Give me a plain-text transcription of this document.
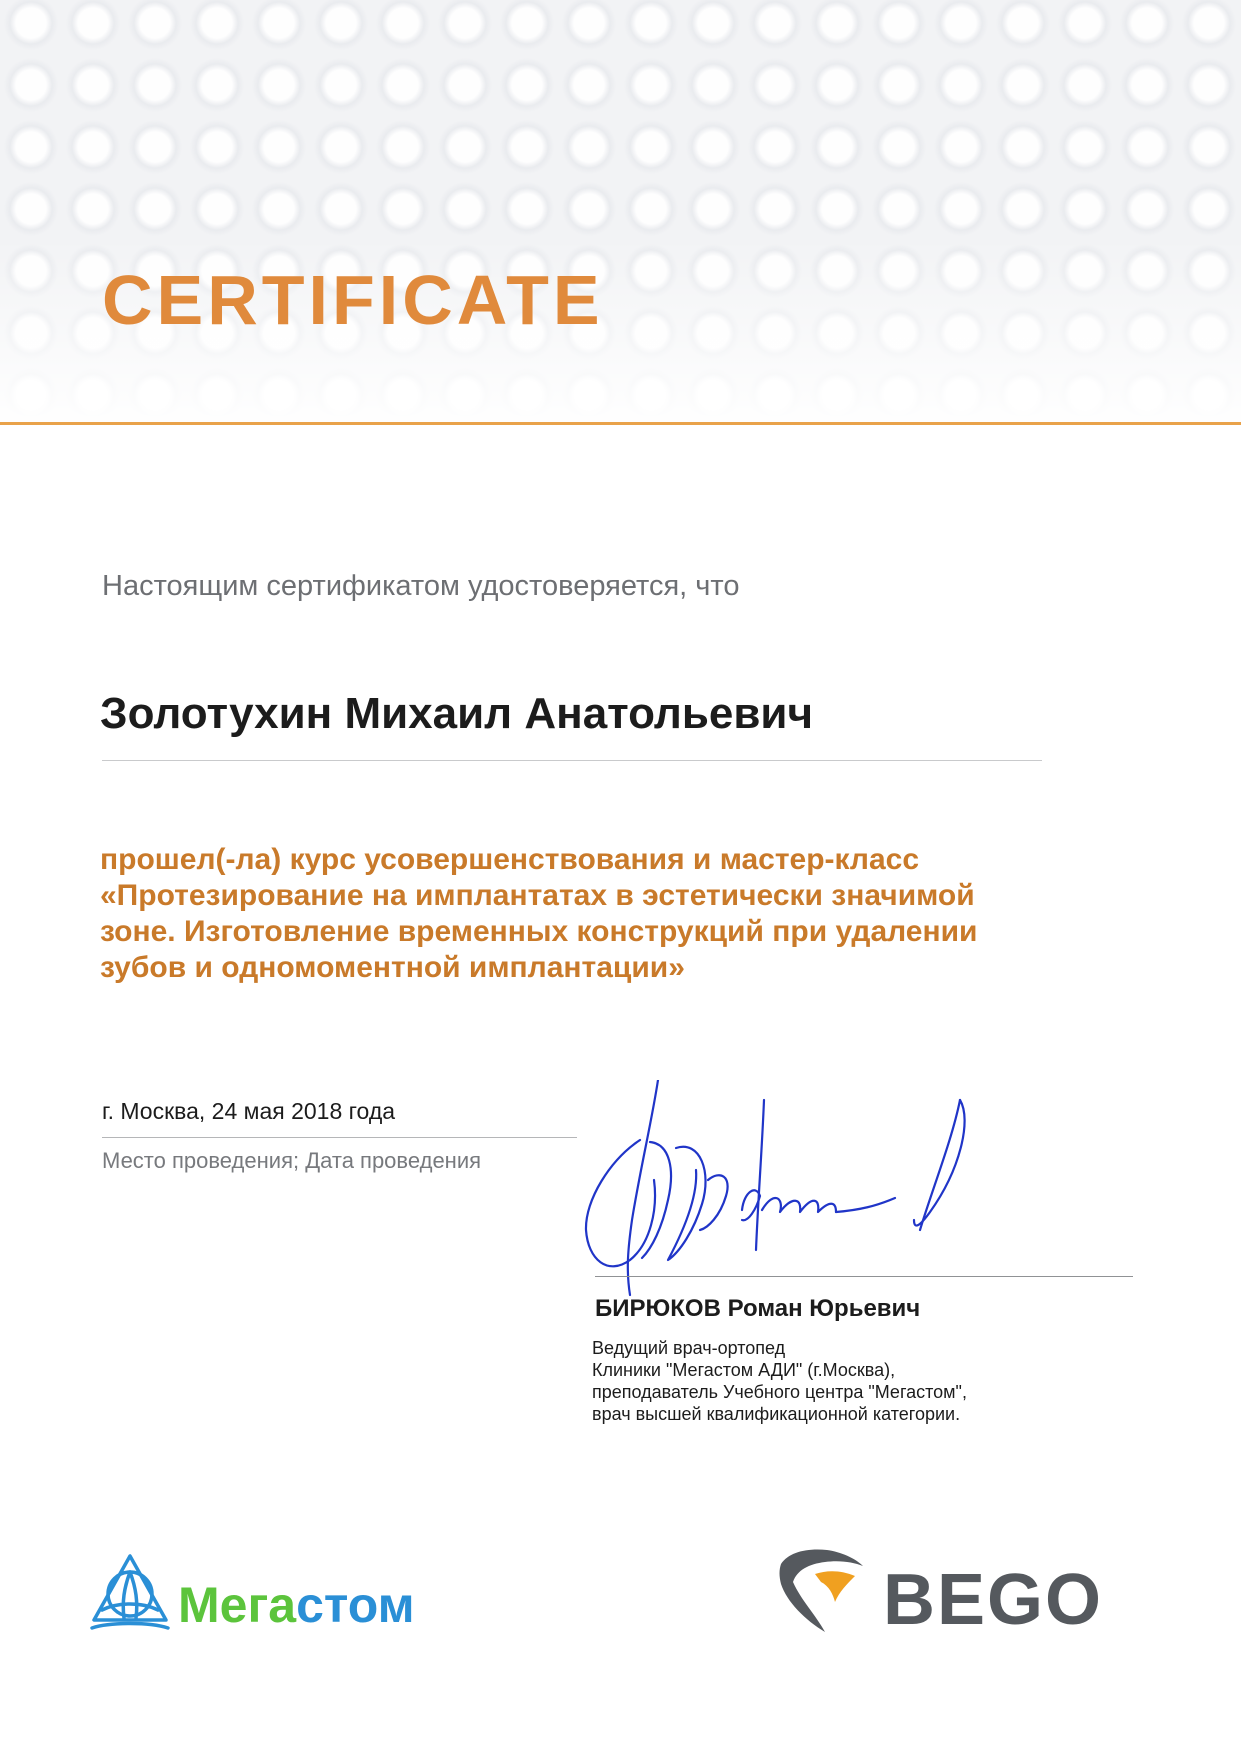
CERTIFICATE
Настоящим сертификатом удостоверяется, что
Золотухин Михаил Анатольевич
прошел(-ла) курс усовершенствования и мастер-класс
«Протезирование на имплантатах в эстетически значимой
зоне. Изготовление временных конструкций при удалении
зубов и одномоментной имплантации»
г. Москва, 24 мая 2018 года
Место проведения; Дата проведения
БИРЮКОВ Роман Юрьевич
Ведущий врач-ортопед
Клиники "Мегастом АДИ" (г.Москва),
преподаватель Учебного центра "Мегастом",
врач высшей квалификационной категории.
Мегастом	BEGO
